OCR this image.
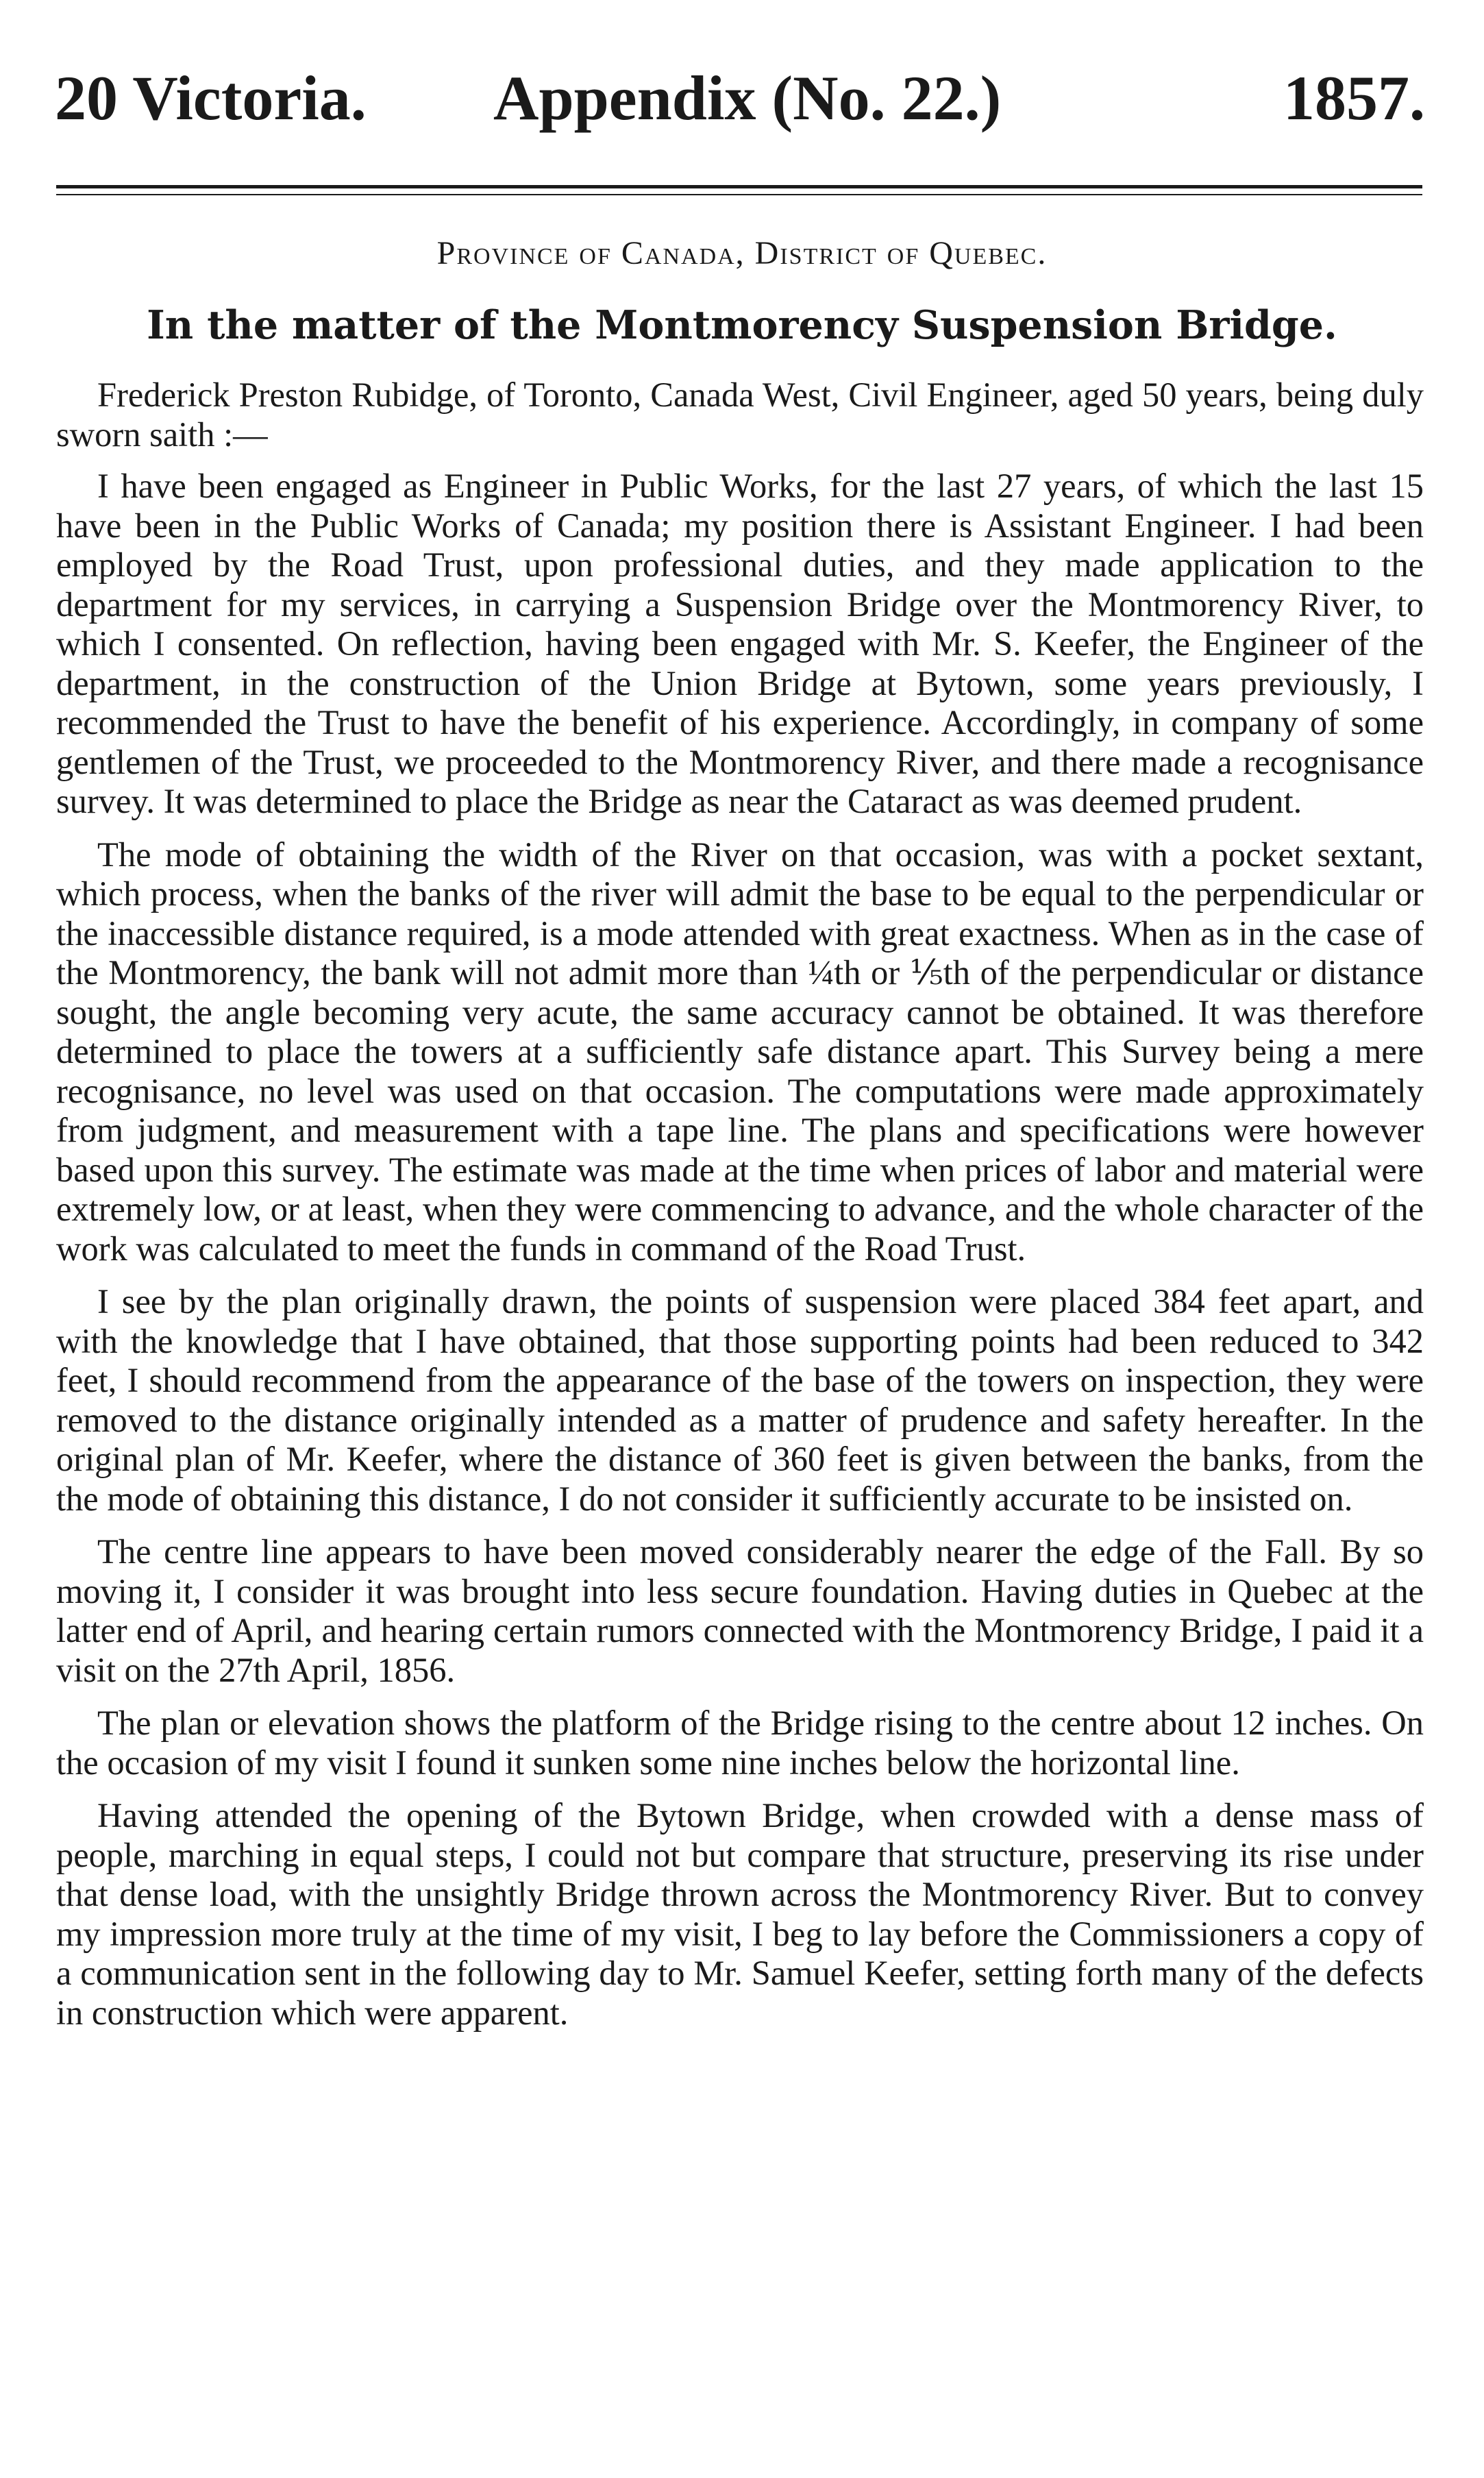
20 Victoria. Appendix (No. 22.)	1857.
Province of Canada, District of Quebec.
In the matter of the Montmorency Suspension Bridge.

Frederick Preston Rubidge, of Toronto, Canada West, Civil Engineer, aged 50 years, being duly sworn saith :—

I have been engaged as Engineer in Public Works, for the last 27 years, of which the last 15 have been in the Public Works of Canada; my position there is Assistant Engineer. I had been employed by the Road Trust, upon professional duties, and they made application to the department for my services, in carrying a Suspension Bridge over the Montmorency River, to which I consented. On reflection, having been engaged with Mr. S. Keefer, the Engineer of the department, in the construction of the Union Bridge at Bytown, some years previously, I recommended the Trust to have the benefit of his experience. Accordingly, in company of some gentlemen of the Trust, we proceeded to the Montmorency River, and there made a recognisance survey. It was determined to place the Bridge as near the Cataract as was deemed prudent.

The mode of obtaining the width of the River on that occasion, was with a pocket sextant, which process, when the banks of the river will admit the base to be equal to the perpendicular or the inaccessible distance required, is a mode attended with great exactness. When as in the case of the Montmorency, the bank will not admit more than ¼th or ⅕th of the perpendicular or distance sought, the angle becoming very acute, the same accuracy cannot be obtained. It was therefore determined to place the towers at a sufficiently safe distance apart. This Survey being a mere recognisance, no level was used on that occasion. The computations were made approximately from judgment, and measurement with a tape line. The plans and specifications were however based upon this survey. The estimate was made at the time when prices of labor and material were extremely low, or at least, when they were commencing to advance, and the whole character of the work was calculated to meet the funds in command of the Road Trust.

I see by the plan originally drawn, the points of suspension were placed 384 feet apart, and with the knowledge that I have obtained, that those supporting points had been reduced to 342 feet, I should recommend from the appearance of the base of the towers on inspection, they were removed to the distance originally intended as a matter of prudence and safety hereafter. In the original plan of Mr. Keefer, where the distance of 360 feet is given between the banks, from the the mode of obtaining this distance, I do not consider it sufficiently accurate to be insisted on.

The centre line appears to have been moved considerably nearer the edge of the Fall. By so moving it, I consider it was brought into less secure foundation. Having duties in Quebec at the latter end of April, and hearing certain rumors connected with the Montmorency Bridge, I paid it a visit on the 27th April, 1856.

The plan or elevation shows the platform of the Bridge rising to the centre about 12 inches. On the occasion of my visit I found it sunken some nine inches below the horizontal line.

Having attended the opening of the Bytown Bridge, when crowded with a dense mass of people, marching in equal steps, I could not but compare that structure, preserving its rise under that dense load, with the unsightly Bridge thrown across the Montmorency River. But to convey my impression more truly at the time of my visit, I beg to lay before the Commissioners a copy of a communication sent in the following day to Mr. Samuel Keefer, setting forth many of the defects in construction which were apparent.
